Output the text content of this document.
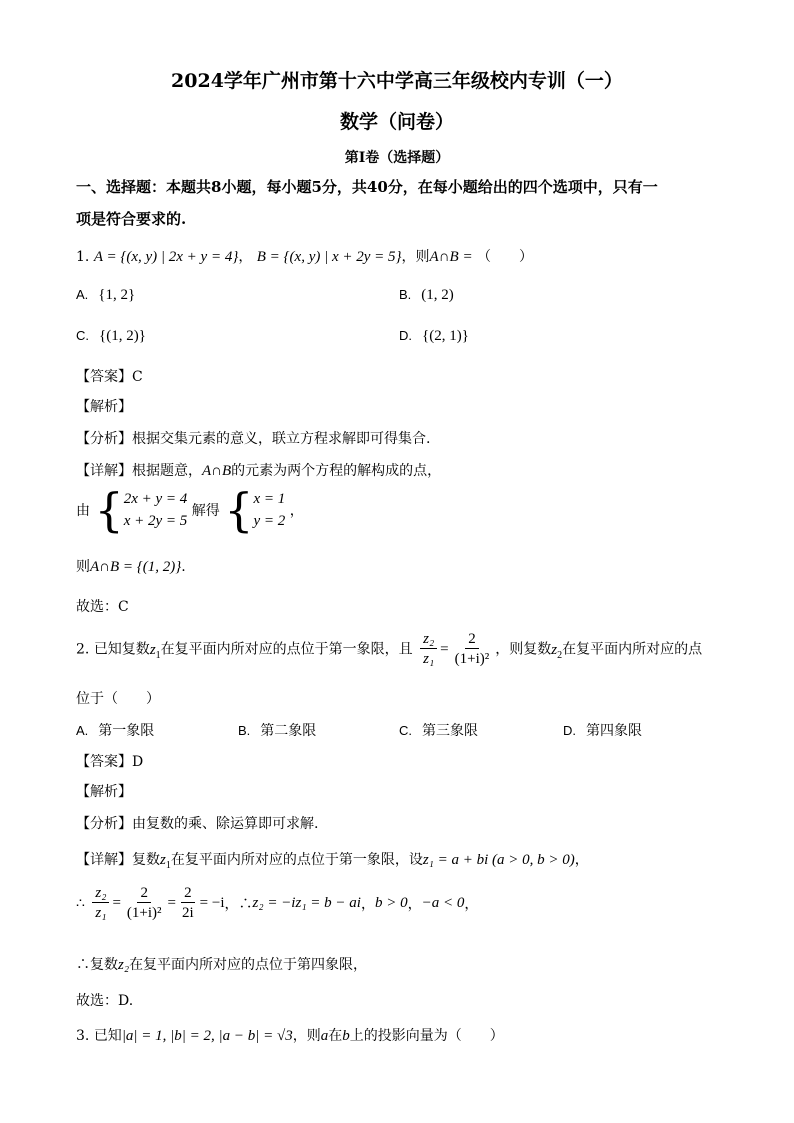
2024学年广州市第十六中学高三年级校内专训（一）
数学（问卷）
第Ⅰ卷（选择题）
一、选择题：本题共8小题，每小题5分，共40分，在每小题给出的四个选项中，只有一
项是符合要求的.
1. A = {(x, y) | 2x + y = 4}， B = {(x, y) | x + 2y = 5}，则A∩B = （　　）
A. {1, 2}	B. (1, 2)
C. {(1, 2)}	D. {(2, 1)}
【答案】C
【解析】
【分析】根据交集元素的意义，联立方程求解即可得集合.
【详解】根据题意，A∩B的元素为两个方程的解构成的点，
由 { 2x + y = 4
x + 2y = 5
解得 { x = 1
y = 2
，
则A∩B = {(1, 2)}.
故选：C
2. 已知复数$z_1$在复平面内所对应的点位于第一象限，且 $\frac{\text{z₂}}{\text{z₁}} = \frac{2}{\text{(1+i)²}}$ ，则复数$z_2$在复平面内所对应的点
位于（　　）
A. 第一象限	B. 第二象限	C. 第三象限	D. 第四象限
【答案】D
【解析】
【分析】由复数的乘、除运算即可求解.
【详解】复数$z_1$在复平面内所对应的点位于第一象限，设z₁ = a + bi (a > 0, b > 0)，
∴ $\frac{\text{z₂}}{\text{z₁}} = \frac{2}{\text{(1+i)²}} = \frac{2}{2i} = -i$，∴z₂ = −iz₁ = b − ai，b > 0，−a < 0，
∴复数z₂在复平面内所对应的点位于第四象限，
故选：D.
3. 已知|a| = 1, |b| = 2, |a − b| = √3，则a在b上的投影向量为（　　）
